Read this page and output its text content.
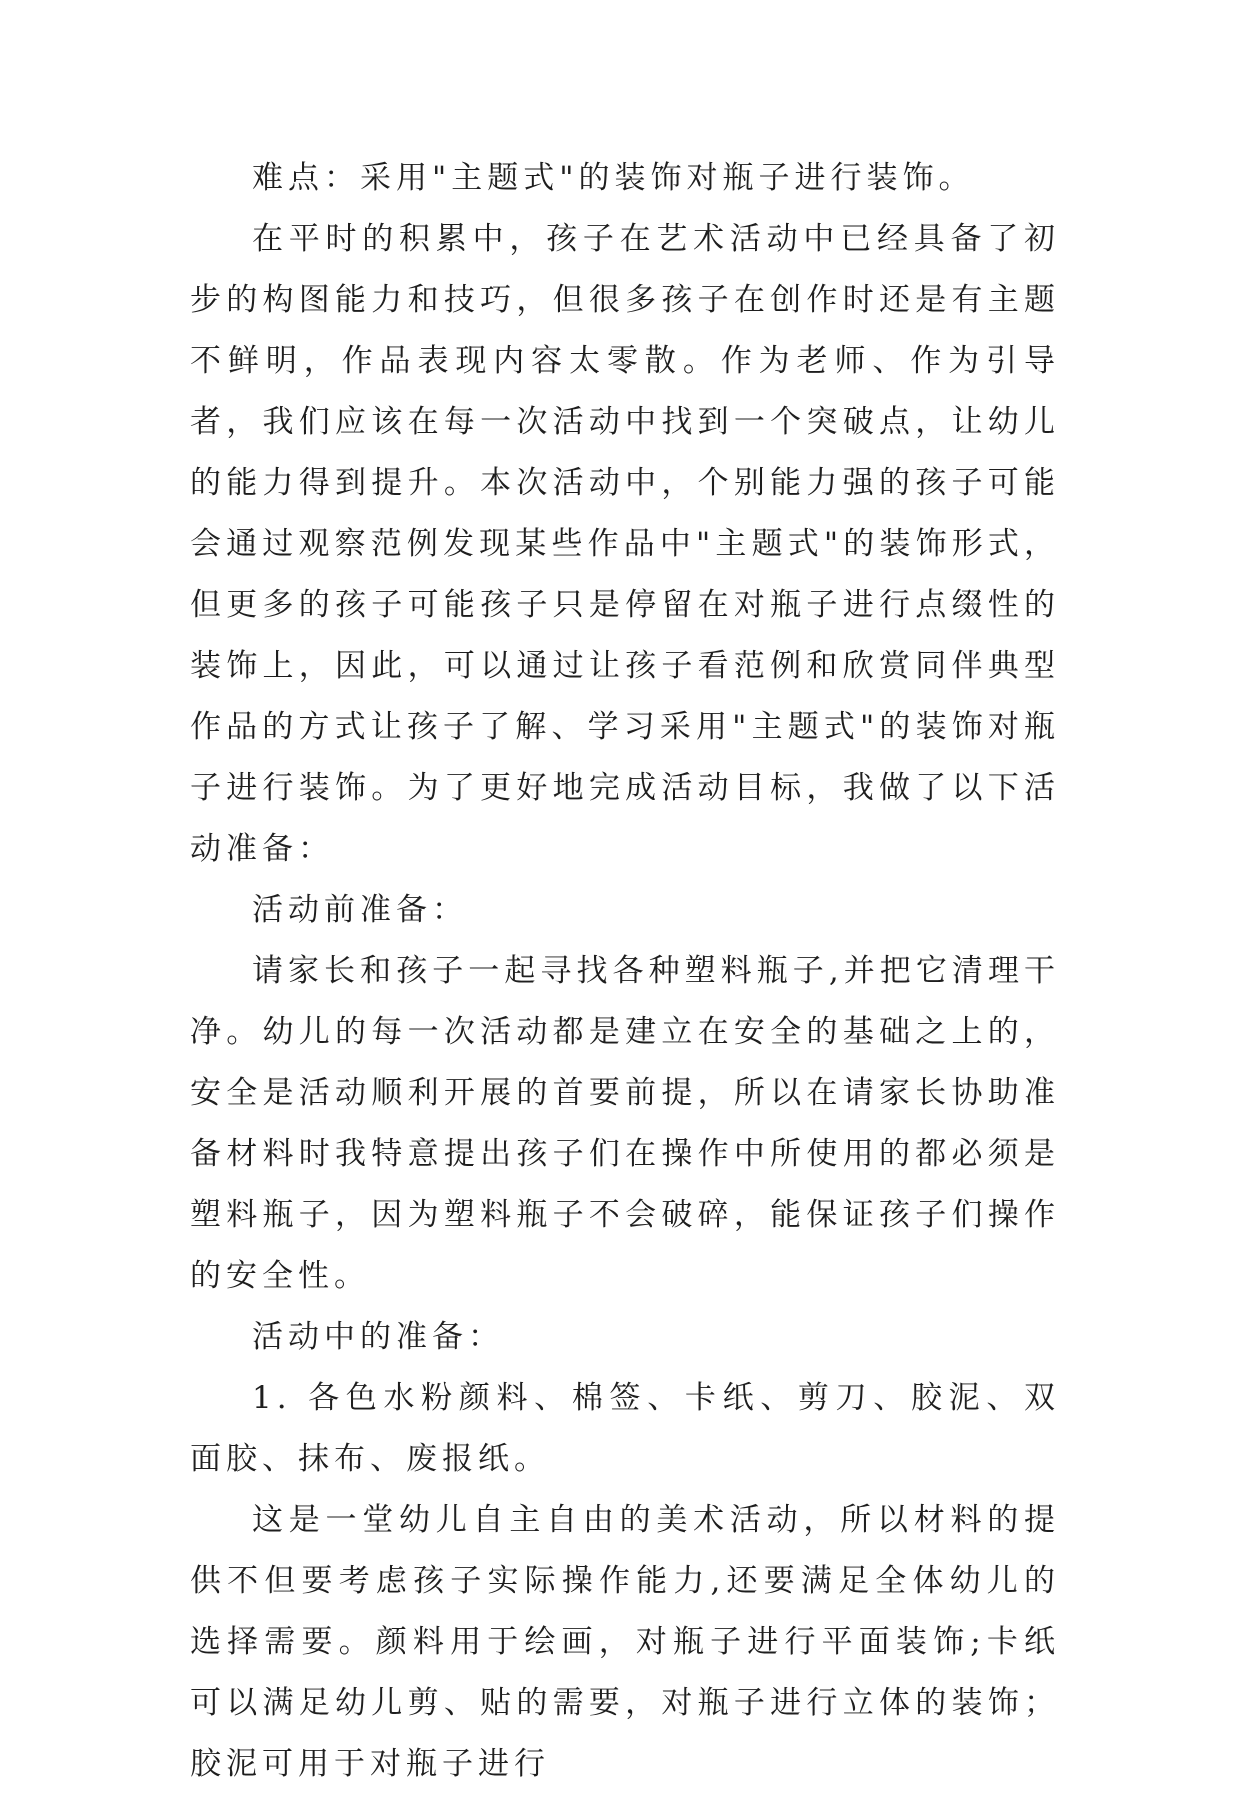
难点：采用"主题式"的装饰对瓶子进行装饰。

在平时的积累中，孩子在艺术活动中已经具备了初步的构图能力和技巧，但很多孩子在创作时还是有主题不鲜明，作品表现内容太零散。作为老师、作为引导者，我们应该在每一次活动中找到一个突破点，让幼儿的能力得到提升。本次活动中，个别能力强的孩子可能会通过观察范例发现某些作品中"主题式"的装饰形式，但更多的孩子可能孩子只是停留在对瓶子进行点缀性的装饰上，因此，可以通过让孩子看范例和欣赏同伴典型作品的方式让孩子了解、学习采用"主题式"的装饰对瓶子进行装饰。为了更好地完成活动目标，我做了以下活动准备：

活动前准备：

请家长和孩子一起寻找各种塑料瓶子,并把它清理干净。幼儿的每一次活动都是建立在安全的基础之上的，安全是活动顺利开展的首要前提，所以在请家长协助准备材料时我特意提出孩子们在操作中所使用的都必须是塑料瓶子，因为塑料瓶子不会破碎，能保证孩子们操作的安全性。

活动中的准备：

1. 各色水粉颜料、棉签、卡纸、剪刀、胶泥、双面胶、抹布、废报纸。

这是一堂幼儿自主自由的美术活动，所以材料的提供不但要考虑孩子实际操作能力,还要满足全体幼儿的选择需要。颜料用于绘画，对瓶子进行平面装饰;卡纸可以满足幼儿剪、贴的需要，对瓶子进行立体的装饰；胶泥可用于对瓶子进行
